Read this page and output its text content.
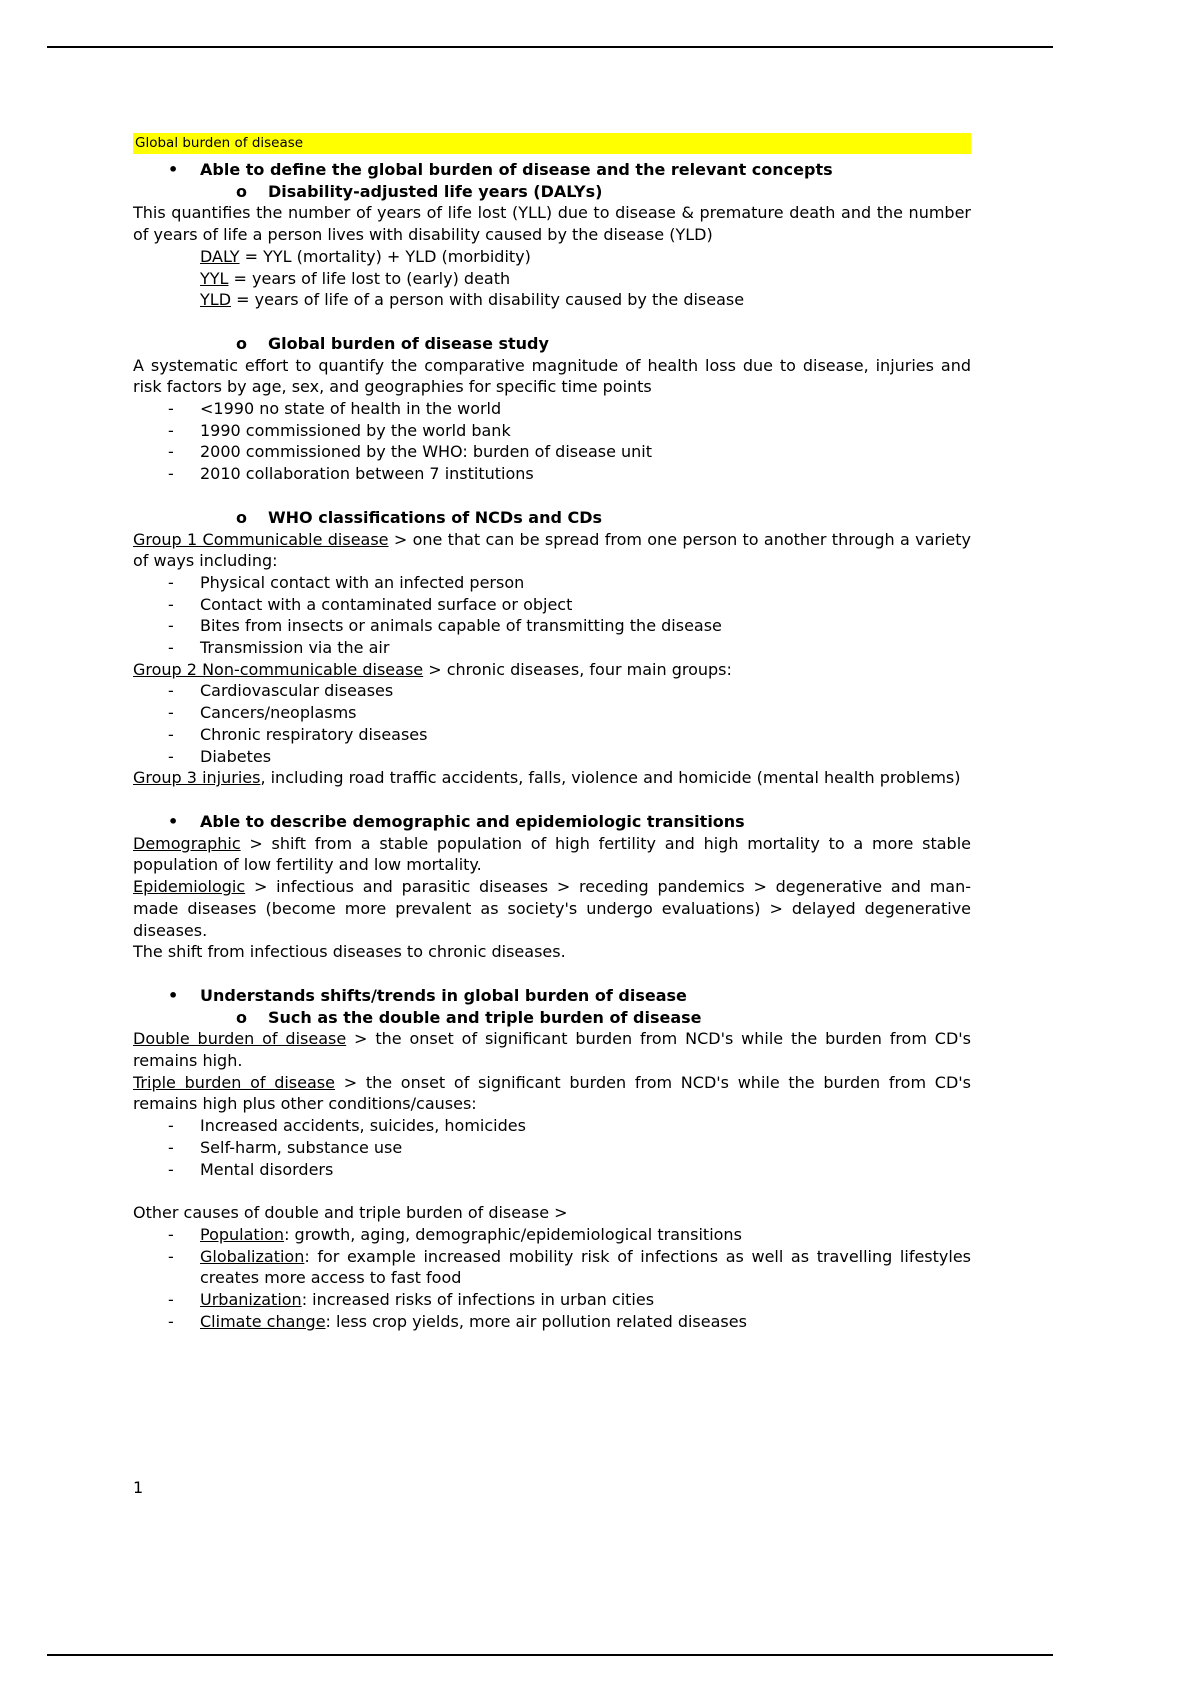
Global burden of disease
•	Able to define the global burden of disease and the relevant concepts
o	Disability-adjusted life years (DALYs)
This quantifies the number of years of life lost (YLL) due to disease & premature death and the number of years of life a person lives with disability caused by the disease (YLD)
DALY = YYL (mortality) + YLD (morbidity)
YYL = years of life lost to (early) death
YLD = years of life of a person with disability caused by the disease
o	Global burden of disease study
A systematic effort to quantify the comparative magnitude of health loss due to disease, injuries and risk factors by age, sex, and geographies for specific time points
-	<1990 no state of health in the world
-	1990 commissioned by the world bank
-	2000 commissioned by the WHO: burden of disease unit
-	2010 collaboration between 7 institutions
o	WHO classifications of NCDs and CDs
Group 1 Communicable disease > one that can be spread from one person to another through a variety of ways including:
-	Physical contact with an infected person
-	Contact with a contaminated surface or object
-	Bites from insects or animals capable of transmitting the disease
-	Transmission via the air
Group 2 Non-communicable disease > chronic diseases, four main groups:
-	Cardiovascular diseases
-	Cancers/neoplasms
-	Chronic respiratory diseases
-	Diabetes
Group 3 injuries, including road traffic accidents, falls, violence and homicide (mental health problems)
•	Able to describe demographic and epidemiologic transitions
Demographic > shift from a stable population of high fertility and high mortality to a more stable population of low fertility and low mortality.
Epidemiologic > infectious and parasitic diseases > receding pandemics > degenerative and man-made diseases (become more prevalent as society's undergo evaluations) > delayed degenerative diseases.
The shift from infectious diseases to chronic diseases.
•	Understands shifts/trends in global burden of disease
o	Such as the double and triple burden of disease
Double burden of disease > the onset of significant burden from NCD's while the burden from CD's remains high.
Triple burden of disease > the onset of significant burden from NCD's while the burden from CD's remains high plus other conditions/causes:
-	Increased accidents, suicides, homicides
-	Self-harm, substance use
-	Mental disorders
Other causes of double and triple burden of disease >
-	Population: growth, aging, demographic/epidemiological transitions
-	Globalization: for example increased mobility risk of infections as well as travelling lifestyles creates more access to fast food
-	Urbanization: increased risks of infections in urban cities
-	Climate change: less crop yields, more air pollution related diseases
1
